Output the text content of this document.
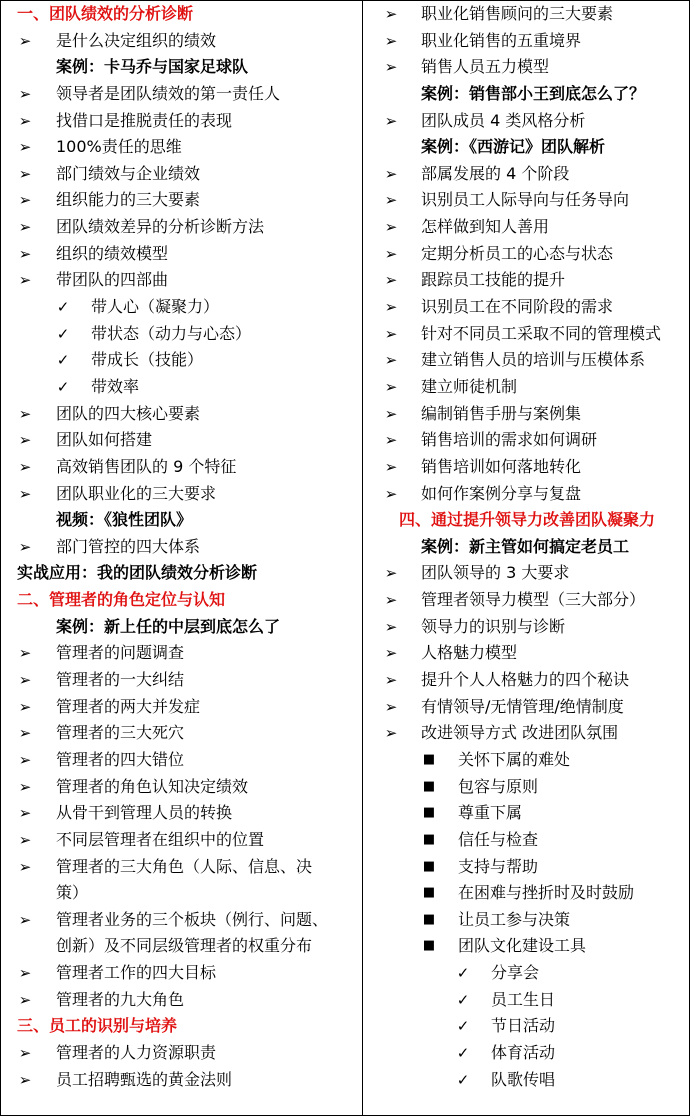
一、团队绩效的分析诊断
➢ 是什么决定组织的绩效
案例：卡马乔与国家足球队
➢ 领导者是团队绩效的第一责任人
➢ 找借口是推脱责任的表现
➢ 100%责任的思维
➢ 部门绩效与企业绩效
➢ 组织能力的三大要素
➢ 团队绩效差异的分析诊断方法
➢ 组织的绩效模型
➢ 带团队的四部曲
✓ 带人心（凝聚力）
✓ 带状态（动力与心态）
✓ 带成长（技能）
✓ 带效率
➢ 团队的四大核心要素
➢ 团队如何搭建
➢ 高效销售团队的 9 个特征
➢ 团队职业化的三大要求
视频：《狼性团队》
➢ 部门管控的四大体系
实战应用：我的团队绩效分析诊断
二、管理者的角色定位与认知
案例：新上任的中层到底怎么了
➢ 管理者的问题调查
➢ 管理者的一大纠结
➢ 管理者的两大并发症
➢ 管理者的三大死穴
➢ 管理者的四大错位
➢ 管理者的角色认知决定绩效
➢ 从骨干到管理人员的转换
➢ 不同层管理者在组织中的位置
➢ 管理者的三大角色（人际、信息、决
策）
➢ 管理者业务的三个板块（例行、问题、
创新）及不同层级管理者的权重分布
➢ 管理者工作的四大目标
➢ 管理者的九大角色
三、员工的识别与培养
➢ 管理者的人力资源职责
➢ 员工招聘甄选的黄金法则
➢ 职业化销售顾问的三大要素
➢ 职业化销售的五重境界
➢ 销售人员五力模型
案例：销售部小王到底怎么了？
➢ 团队成员 4 类风格分析
案例：《西游记》团队解析
➢ 部属发展的 4 个阶段
➢ 识别员工人际导向与任务导向
➢ 怎样做到知人善用
➢ 定期分析员工的心态与状态
➢ 跟踪员工技能的提升
➢ 识别员工在不同阶段的需求
➢ 针对不同员工采取不同的管理模式
➢ 建立销售人员的培训与压模体系
➢ 建立师徒机制
➢ 编制销售手册与案例集
➢ 销售培训的需求如何调研
➢ 销售培训如何落地转化
➢ 如何作案例分享与复盘
四、通过提升领导力改善团队凝聚力
案例：新主管如何搞定老员工
➢ 团队领导的 3 大要求
➢ 管理者领导力模型（三大部分）
➢ 领导力的识别与诊断
➢ 人格魅力模型
➢ 提升个人人格魅力的四个秘诀
➢ 有情领导/无情管理/绝情制度
➢ 改进领导方式 改进团队氛围
■ 关怀下属的难处
■ 包容与原则
■ 尊重下属
■ 信任与检查
■ 支持与帮助
■ 在困难与挫折时及时鼓励
■ 让员工参与决策
■ 团队文化建设工具
✓ 分享会
✓ 员工生日
✓ 节日活动
✓ 体育活动
✓ 队歌传唱
